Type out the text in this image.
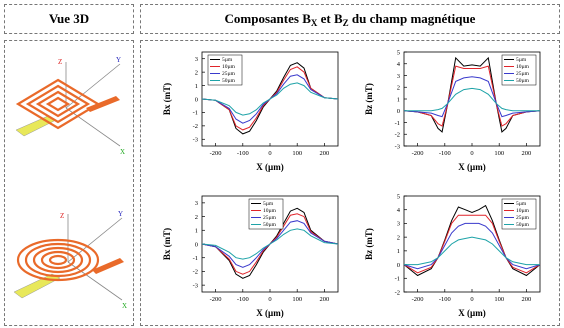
Vue 3D	Composantes $B_X$ et $B_Z$ du champ magnétique
Z	Y
X
Z	Y
X
-200 -100	0	100	200
-3
-2
-1
0
1
2
3
X (µm)
Bx (mT)
5µm
10µm
25µm
50µm
-200 -100	0	100	200
-3
-2
-1
0
1
2
3
4
5
X (µm)
Bz (mT)
5µm
10µm
25µm
50µm
-200 -100	0	100	200
-3
-2
-1
0
1
2
3
X (µm)
Bx (mT)
5µm
10µm
25µm
50µm
-200 -100	0	100	200
-2
-1
0
1
2
3
4
5
X (µm)
Bz (mT)
5µm
10µm
25µm
50µm
